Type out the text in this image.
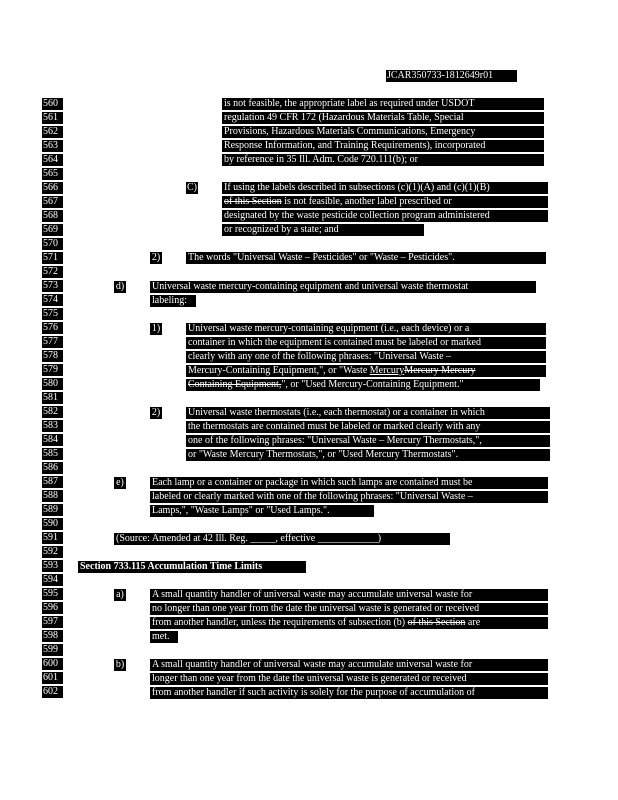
JCAR350733-1812649r01
560
561
562
563
564
565
566
567
568
569
570
571
572
573
574
575
576
577
578
579
580
581
582
583
584
585
586
587
588
589
590
591
592
593
594
595
596
597
598
599
600
601
602
is not feasible, the appropriate label as required under USDOT
regulation 49 CFR 172 (Hazardous Materials Table, Special
Provisions, Hazardous Materials Communications, Emergency
Response Information, and Training Requirements), incorporated
by reference in 35 Ill. Adm. Code 720.111(b); or
C)	If using the labels described in subsections (c)(1)(A) and (c)(1)(B)
of this Section is not feasible, another label prescribed or
designated by the waste pesticide collection program administered
or recognized by a state; and
2)	The words "Universal Waste – Pesticides" or "Waste – Pesticides".
d)	Universal waste mercury-containing equipment and universal waste thermostat
labeling:
1)	Universal waste mercury-containing equipment (i.e., each device) or a
container in which the equipment is contained must be labeled or marked
clearly with any one of the following phrases: "Universal Waste –
Mercury-Containing Equipment,", or "Waste MercuryMercury Mercury
Containing Equipment,", or "Used Mercury-Containing Equipment."
2)	Universal waste thermostats (i.e., each thermostat) or a container in which
the thermostats are contained must be labeled or marked clearly with any
one of the following phrases: "Universal Waste – Mercury Thermostats,",
or "Waste Mercury Thermostats,", or "Used Mercury Thermostats".
e)	Each lamp or a container or package in which such lamps are contained must be
labeled or clearly marked with one of the following phrases: "Universal Waste –
Lamps,", "Waste Lamps" or "Used Lamps.".
(Source: Amended at 42 Ill. Reg. _____, effective ____________)
Section 733.115 Accumulation Time Limits
a)	A small quantity handler of universal waste may accumulate universal waste for
no longer than one year from the date the universal waste is generated or received
from another handler, unless the requirements of subsection (b) of this Section are
met.
b)	A small quantity handler of universal waste may accumulate universal waste for
longer than one year from the date the universal waste is generated or received
from another handler if such activity is solely for the purpose of accumulation of
